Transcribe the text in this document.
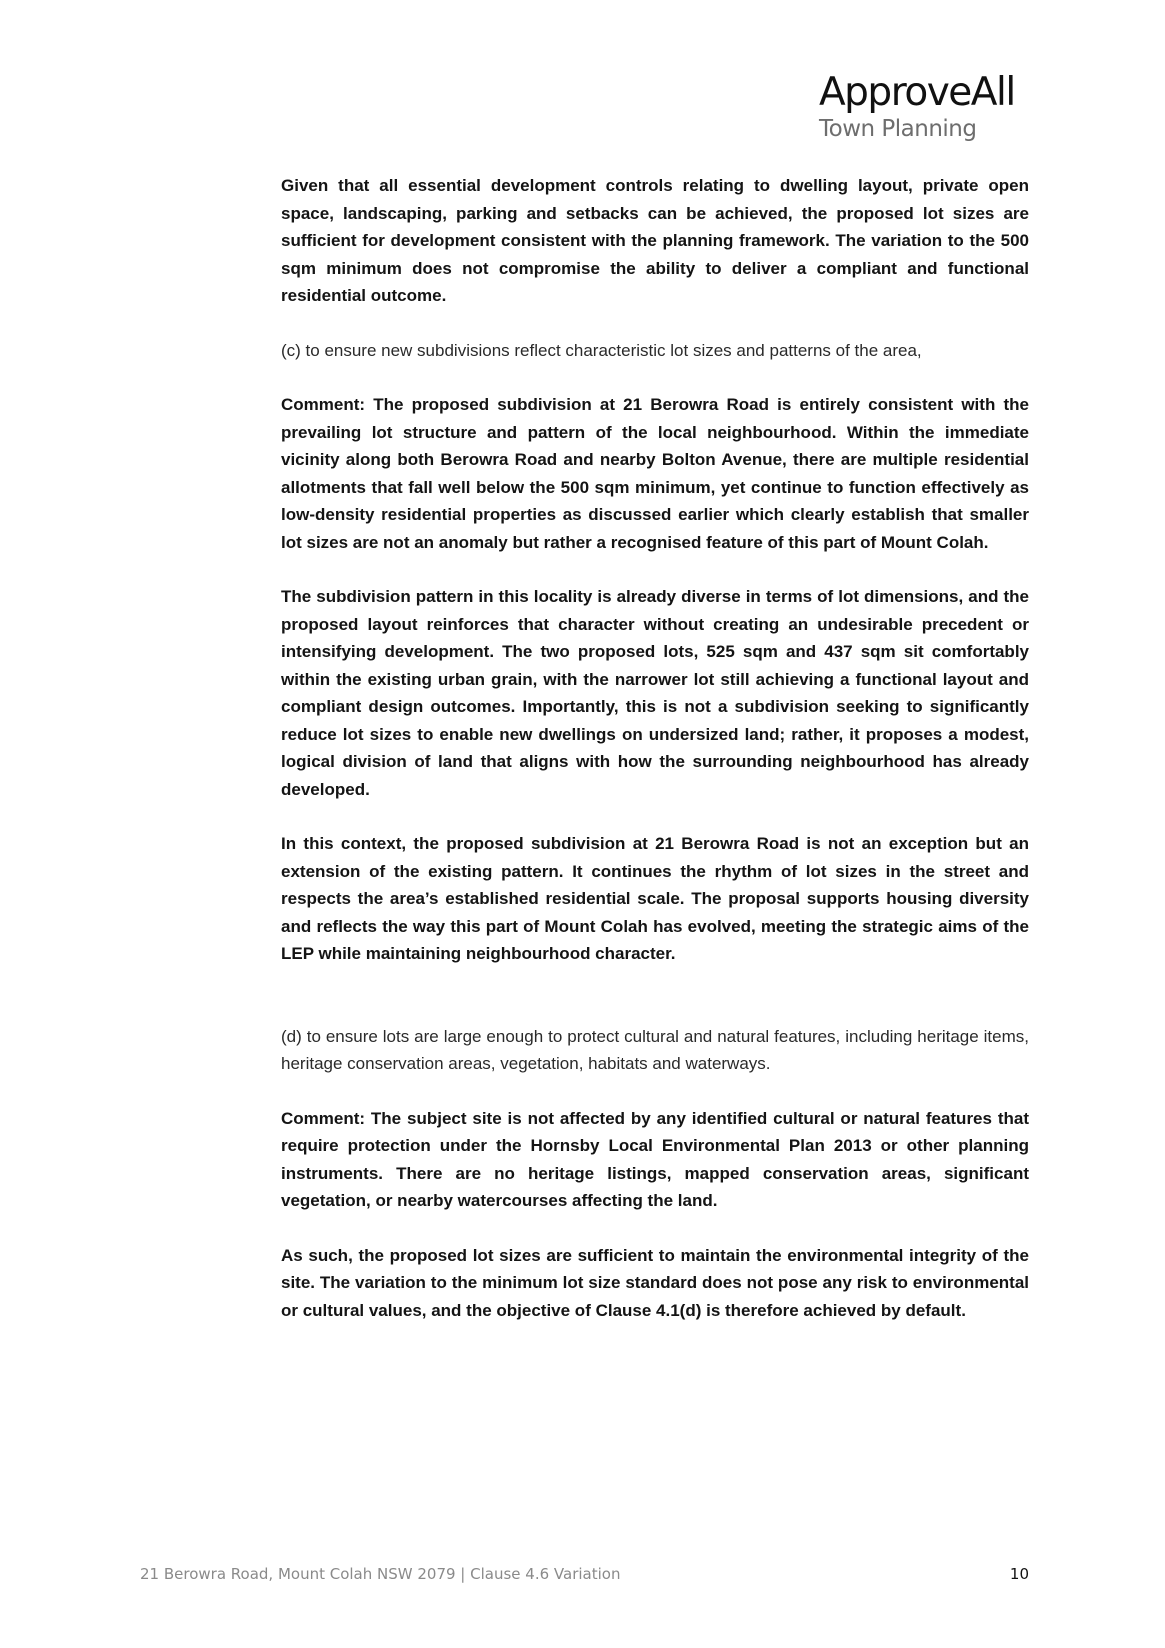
ApproveAll
Town Planning

Given that all essential development controls relating to dwelling layout, private open space, landscaping, parking and setbacks can be achieved, the proposed lot sizes are sufficient for development consistent with the planning framework. The variation to the 500 sqm minimum does not compromise the ability to deliver a compliant and functional residential outcome.

(c) to ensure new subdivisions reflect characteristic lot sizes and patterns of the area,

Comment: The proposed subdivision at 21 Berowra Road is entirely consistent with the prevailing lot structure and pattern of the local neighbourhood. Within the immediate vicinity along both Berowra Road and nearby Bolton Avenue, there are multiple residential allotments that fall well below the 500 sqm minimum, yet continue to function effectively as low-density residential properties as discussed earlier which clearly establish that smaller lot sizes are not an anomaly but rather a recognised feature of this part of Mount Colah.

The subdivision pattern in this locality is already diverse in terms of lot dimensions, and the proposed layout reinforces that character without creating an undesirable precedent or intensifying development. The two proposed lots, 525 sqm and 437 sqm sit comfortably within the existing urban grain, with the narrower lot still achieving a functional layout and compliant design outcomes. Importantly, this is not a subdivision seeking to significantly reduce lot sizes to enable new dwellings on undersized land; rather, it proposes a modest, logical division of land that aligns with how the surrounding neighbourhood has already developed.

In this context, the proposed subdivision at 21 Berowra Road is not an exception but an extension of the existing pattern. It continues the rhythm of lot sizes in the street and respects the area’s established residential scale. The proposal supports housing diversity and reflects the way this part of Mount Colah has evolved, meeting the strategic aims of the LEP while maintaining neighbourhood character.

(d) to ensure lots are large enough to protect cultural and natural features, including heritage items, heritage conservation areas, vegetation, habitats and waterways.

Comment: The subject site is not affected by any identified cultural or natural features that require protection under the Hornsby Local Environmental Plan 2013 or other planning instruments. There are no heritage listings, mapped conservation areas, significant vegetation, or nearby watercourses affecting the land.

As such, the proposed lot sizes are sufficient to maintain the environmental integrity of the site. The variation to the minimum lot size standard does not pose any risk to environmental or cultural values, and the objective of Clause 4.1(d) is therefore achieved by default.

21 Berowra Road, Mount Colah NSW 2079 | Clause 4.6 Variation	10
